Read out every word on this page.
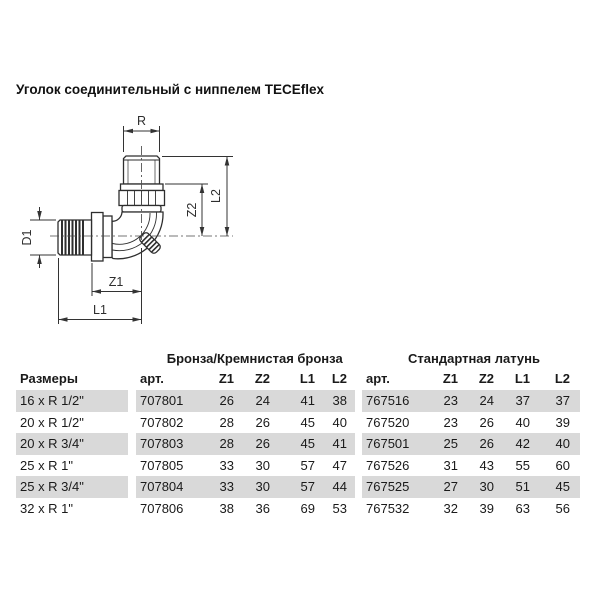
Уголок соединительный с ниппелем TECEflex
R
D1
Z1
L1
Z2
L2
Бронза/Кремнистая бронза	Стандартная латунь
Размеры	арт.	Z1	Z2	L1	L2	арт.	Z1	Z2	L1	L2
16 x R 1/2"	707801	26	24	41	38	767516	23	24	37	37
20 x R 1/2"	707802	28	26	45	40	767520	23	26	40	39
20 x R 3/4"	707803	28	26	45	41	767501	25	26	42	40
25 x R 1"	707805	33	30	57	47	767526	31	43	55	60
25 x R 3/4"	707804	33	30	57	44	767525	27	30	51	45
32 x R 1"	707806	38	36	69	53	767532	32	39	63	56
